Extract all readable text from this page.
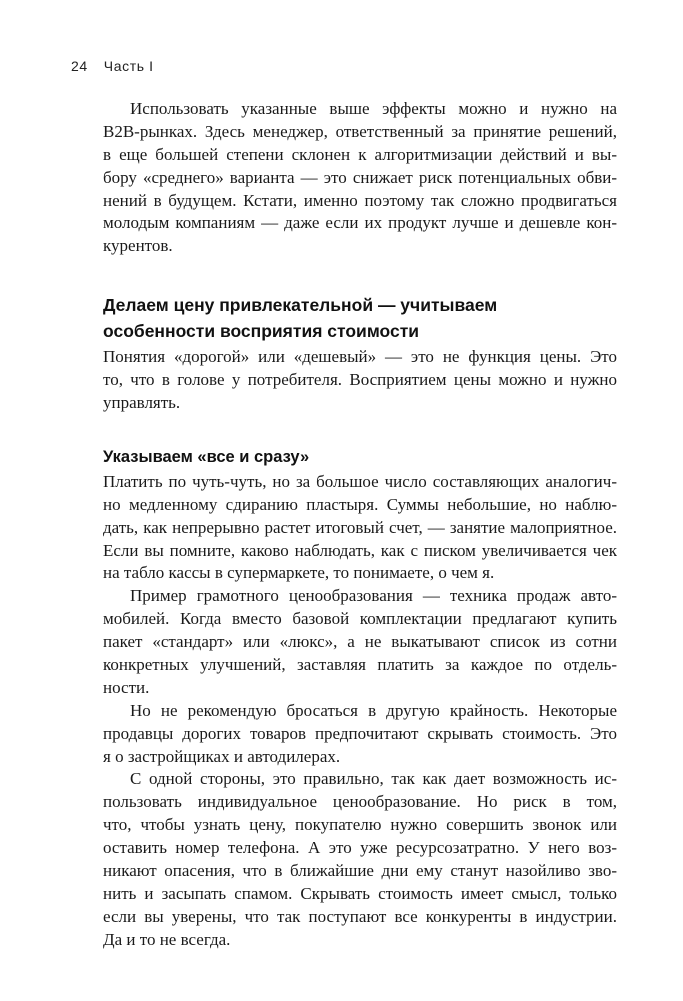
24 Часть I
Использовать указанные выше эффекты можно и нужно на
B2B-рынках. Здесь менеджер, ответственный за принятие решений,
в еще большей степени склонен к алгоритмизации действий и вы-
бору «среднего» варианта — это снижает риск потенциальных обви-
нений в будущем. Кстати, именно поэтому так сложно продвигаться
молодым компаниям — даже если их продукт лучше и дешевле кон-
курентов.
Делаем цену привлекательной — учитываем
особенности восприятия стоимости
Понятия «дорогой» или «дешевый» — это не функция цены. Это
то, что в голове у потребителя. Восприятием цены можно и нужно
управлять.
Указываем «все и сразу»
Платить по чуть-чуть, но за большое число составляющих аналогич-
но медленному сдиранию пластыря. Суммы небольшие, но наблю-
дать, как непрерывно растет итоговый счет, — занятие малоприятное.
Если вы помните, каково наблюдать, как с писком увеличивается чек
на табло кассы в супермаркете, то понимаете, о чем я.
Пример грамотного ценообразования — техника продаж авто-
мобилей. Когда вместо базовой комплектации предлагают купить
пакет «стандарт» или «люкс», а не выкатывают список из сотни
конкретных улучшений, заставляя платить за каждое по отдель-
ности.
Но не рекомендую бросаться в другую крайность. Некоторые
продавцы дорогих товаров предпочитают скрывать стоимость. Это
я о застройщиках и автодилерах.
С одной стороны, это правильно, так как дает возможность ис-
пользовать индивидуальное ценообразование. Но риск в том,
что, чтобы узнать цену, покупателю нужно совершить звонок или
оставить номер телефона. А это уже ресурсозатратно. У него воз-
никают опасения, что в ближайшие дни ему станут назойливо зво-
нить и засыпать спамом. Скрывать стоимость имеет смысл, только
если вы уверены, что так поступают все конкуренты в индустрии.
Да и то не всегда.
